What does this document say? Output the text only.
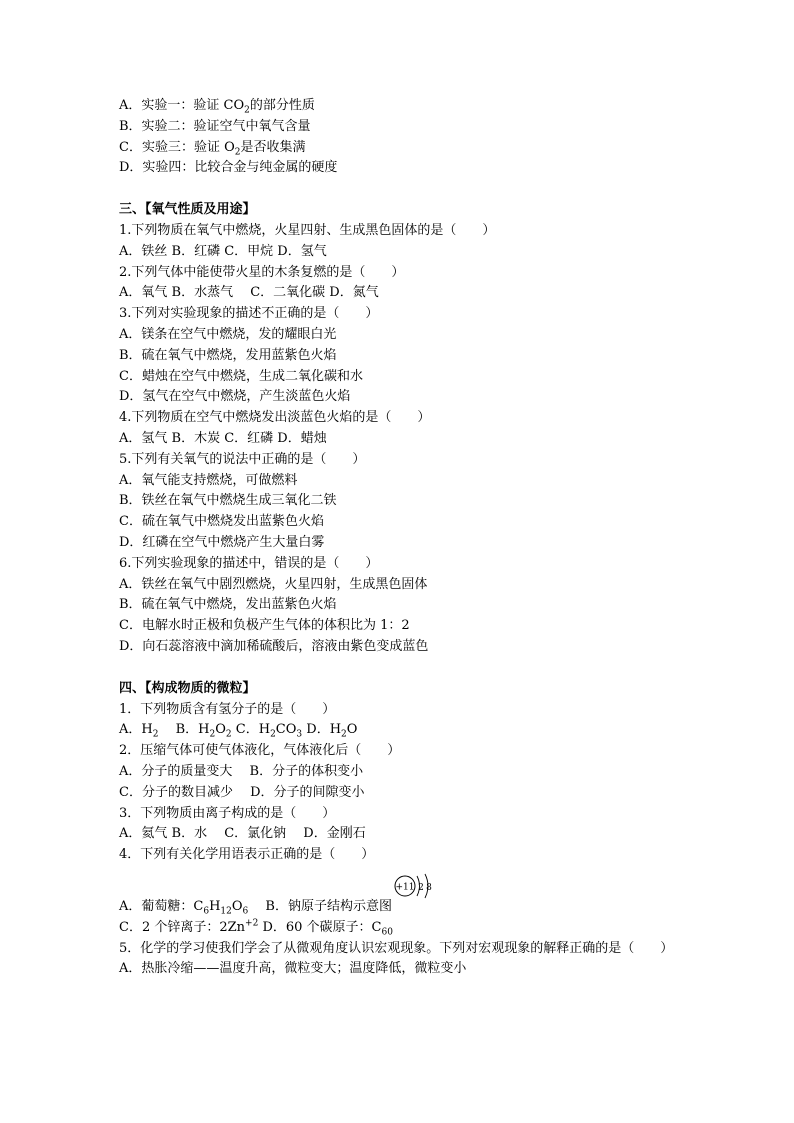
A．实验一：验证 $CO_2$的部分性质
B．实验二：验证空气中氧气含量
C．实验三：验证 $O_2$是否收集满
D．实验四：比较合金与纯金属的硬度
三、【氧气性质及用途】
1.下列物质在氧气中燃烧，火星四射、生成黑色固体的是（　　）
A．铁丝 B．红磷 C．甲烷 D．氢气
2.下列气体中能使带火星的木条复燃的是（　　）
A．氧气 B．水蒸气　 C．二氧化碳 D．氮气
3.下列对实验现象的描述不正确的是（　　）
A．镁条在空气中燃烧，发的耀眼白光
B．硫在氧气中燃烧，发用蓝紫色火焰
C．蜡烛在空气中燃烧，生成二氧化碳和水
D．氢气在空气中燃烧，产生淡蓝色火焰
4.下列物质在空气中燃烧发出淡蓝色火焰的是（　　）
A．氢气 B．木炭 C．红磷 D．蜡烛
5.下列有关氧气的说法中正确的是（　　）
A．氧气能支持燃烧，可做燃料
B．铁丝在氧气中燃烧生成三氧化二铁
C．硫在氧气中燃烧发出蓝紫色火焰
D．红磷在空气中燃烧产生大量白雾
6.下列实验现象的描述中，错误的是（　　）
A．铁丝在氧气中剧烈燃烧，火星四射，生成黑色固体
B．硫在氧气中燃烧，发出蓝紫色火焰
C．电解水时正极和负极产生气体的体积比为 1：2
D．向石蕊溶液中滴加稀硫酸后，溶液由紫色变成蓝色
四、【构成物质的微粒】
1．下列物质含有氢分子的是（　　）
A．$H_2$　 B．$H_2O_2$ C．$H_2CO_3$ D．$H_2O$
2．压缩气体可使气体液化，气体液化后（　　）
A．分子的质量变大　 B．分子的体积变小
C．分子的数目减少　 D．分子的间隙变小
3．下列物质由离子构成的是（　　）
A．氦气 B．水　 C．氯化钠　 D．金刚石
4．下列有关化学用语表示正确的是（　　）
+11 2 8
A．葡萄糖：$C_6H_{12}O_6$　 B．钠原子结构示意图
C．2 个锌离子：$2Zn^{+2}$ D．60 个碳原子：$C_{60}$
5．化学的学习使我们学会了从微观角度认识宏观现象。下列对宏观现象的解释正确的是（　　）
A．热胀冷缩——温度升高，微粒变大；温度降低，微粒变小
